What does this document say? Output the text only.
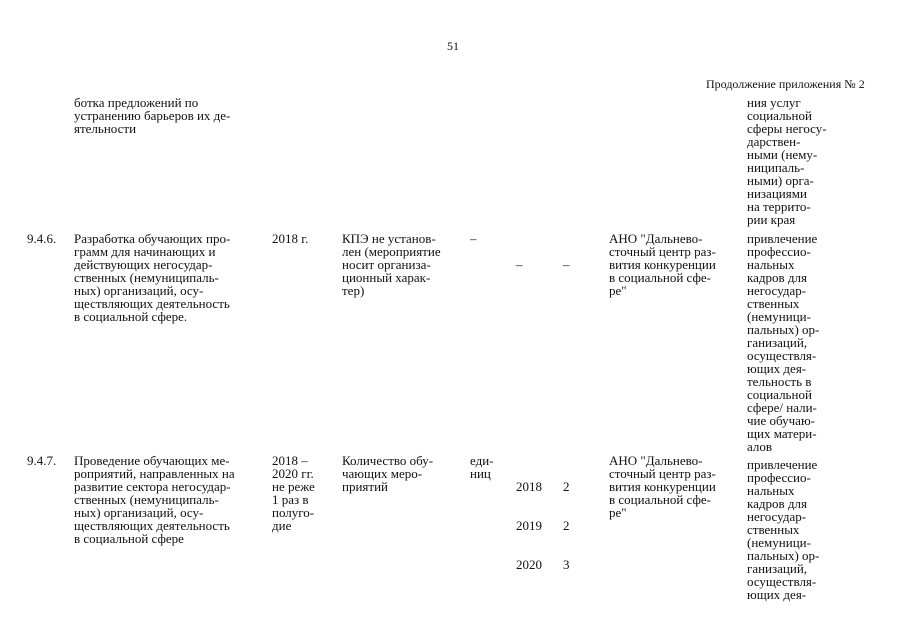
51
Продолжение приложения № 2
ботка предложений по
устранению барьеров их де-
ятельности
ния услуг
социальной
сферы негосу-
дарствен-
ными (нему-
ниципаль-
ными) орга-
низациями
на террито-
рии края
9.4.6. Разработка обучающих про-
грамм для начинающих и
действующих негосудар-
ственных (немуниципаль-
ных) организаций, осу-
ществляющих деятельность
в социальной сфере.
2018 г.	КПЭ не установ-
лен (мероприятие
носит организа-
ционный харак-
тер)
–

–

	–

АНО "Дальнево-
сточный центр раз-
вития конкуренции
в социальной сфе-
ре"
привлечение
профессио-
нальных
кадров для
негосудар-
ственных
(немуници-
пальных) ор-
ганизаций,
осуществля-
ющих дея-
тельность в
социальной
сфере/ нали-
чие обучаю-
щих матери-
алов
9.4.7. Проведение обучающих ме-
роприятий, направленных на
развитие сектора негосудар-
ственных (немуниципаль-
ных) организаций, осу-
ществляющих деятельность
в социальной сфере
2018 –
2020 гг.
не реже
1 раз в
полуго-
дие
Количество обу-
чающих меро-
приятий
еди-
ниц

2018

2019

2020

2

2

3

АНО "Дальнево-
сточный центр раз-
вития конкуренции
в социальной сфе-
ре"
привлечение
профессио-
нальных
кадров для
негосудар-
ственных
(немуници-
пальных) ор-
ганизаций,
осуществля-
ющих дея-
